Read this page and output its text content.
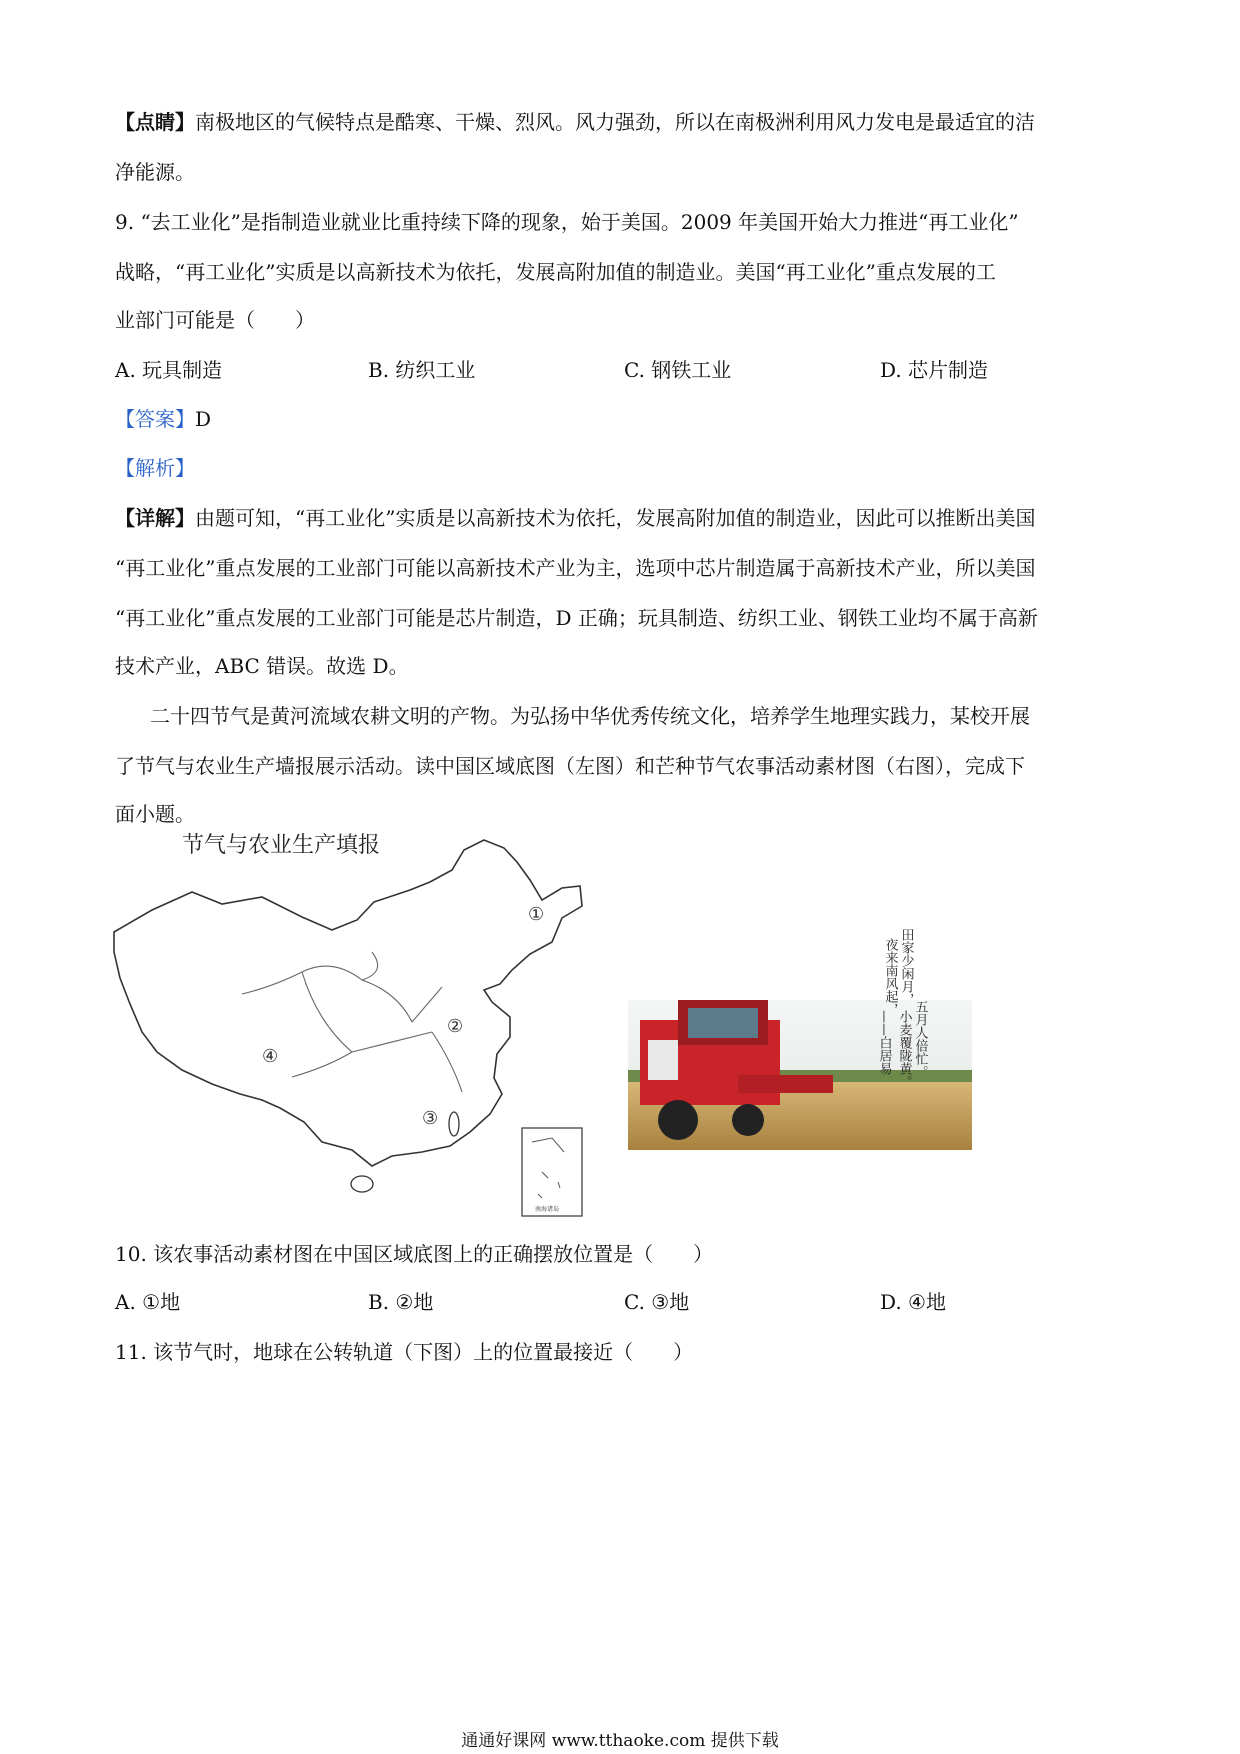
【点睛】南极地区的气候特点是酷寒、干燥、烈风。风力强劲，所以在南极洲利用风力发电是最适宜的洁
净能源。
9. “去工业化”是指制造业就业比重持续下降的现象，始于美国。2009 年美国开始大力推进“再工业化”
战略，“再工业化”实质是以高新技术为依托，发展高附加值的制造业。美国“再工业化”重点发展的工
业部门可能是（　　）
A. 玩具制造	B. 纺织工业	C. 钢铁工业	D. 芯片制造
【答案】D
【解析】
【详解】由题可知，“再工业化”实质是以高新技术为依托，发展高附加值的制造业，因此可以推断出美国
“再工业化”重点发展的工业部门可能以高新技术产业为主，选项中芯片制造属于高新技术产业，所以美国
“再工业化”重点发展的工业部门可能是芯片制造，D 正确；玩具制造、纺织工业、钢铁工业均不属于高新
技术产业，ABC 错误。故选 D。
二十四节气是黄河流域农耕文明的产物。为弘扬中华优秀传统文化，培养学生地理实践力，某校开展
了节气与农业生产墙报展示活动。读中国区域底图（左图）和芒种节气农事活动素材图（右图），完成下
面小题。
节气与农业生产填报
①
②
③
④
南海诸岛
田家少闲月，
五月人倍忙。
夜来南风起，
小麦覆陇黄。
——白居易
10. 该农事活动素材图在中国区域底图上的正确摆放位置是（　　）
A. ①地	B. ②地	C. ③地	D. ④地
11. 该节气时，地球在公转轨道（下图）上的位置最接近（　　）
通通好课网 www.tthaoke.com 提供下载
